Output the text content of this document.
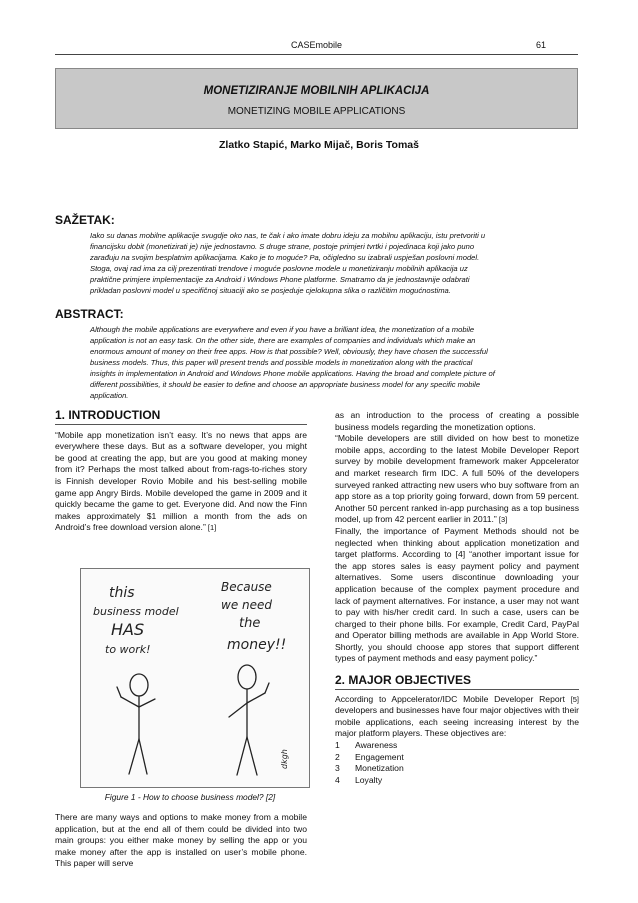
CASEmobile	61
MONETIZIRANJE MOBILNIH APLIKACIJA
MONETIZING MOBILE APPLICATIONS
Zlatko Stapić, Marko Mijač, Boris Tomaš
SAŽETAK:
Iako su danas mobilne aplikacije svugdje oko nas, te čak i ako imate dobru ideju za mobilnu aplikaciju, istu pretvoriti u
financijsku dobit (monetizirati je) nije jednostavno. S druge strane, postoje primjeri tvrtki i pojedinaca koji jako puno
zarađuju na svojim besplatnim aplikacijama. Kako je to moguće? Pa, očigledno su izabrali uspješan poslovni model.
Stoga, ovaj rad ima za cilj prezentirati trendove i moguće poslovne modele u monetiziranju mobilnih aplikacija uz
praktične primjere implementacije za Android i Windows Phone platforme. Smatramo da je jednostavnije odabrati
prikladan poslovni model u specifičnoj situaciji ako se posjeduje cjelokupna slika o različitim mogućnostima.
ABSTRACT:
Although the mobile applications are everywhere and even if you have a brilliant idea, the monetization of a mobile
application is not an easy task. On the other side, there are examples of companies and individuals which make an
enormous amount of money on their free apps. How is that possible? Well, obviously, they have chosen the successful
business models. Thus, this paper will present trends and possible models in monetization along with the practical
insights in implementation in Android and Windows Phone mobile applications. Having the broad and complete picture of
different possibilities, it should be easier to define and choose an appropriate business model for any specific mobile
application.
1. INTRODUCTION

“Mobile app monetization isn’t easy. It’s no news that apps are everywhere these days. But as a software developer, you might be good at creating the app, but are you good at making money from it? Perhaps the most talked about from-rags-to-riches story is Finnish developer Rovio Mobile and his best-selling mobile game app Angry Birds. Mobile developed the game in 2009 and it quickly became the game to get. Everyone did. And now the Finn makes approximately $1 million a month from the ads on Android’s free download version alone.” [1]

this
business model
HAS
to work!
Because
we need
the
money!!
dkgh
Figure 1 - How to choose business model? [2]

There are many ways and options to make money from a mobile application, but at the end all of them could be divided into two main groups: you either make money by selling the app or you make money after the app is installed on user’s mobile phone. This paper will serve

as an introduction to the process of creating a possible business models regarding the monetization options.

“Mobile developers are still divided on how best to monetize mobile apps, according to the latest Mobile Developer Report survey by mobile development framework maker Appcelerator and market research firm IDC. A full 50% of the developers surveyed ranked attracting new users who buy software from an app store as a top priority going forward, down from 59 percent. Another 50 percent ranked in-app purchasing as a top business model, up from 42 percent earlier in 2011.” [3]

Finally, the importance of Payment Methods should not be neglected when thinking about application monetization and target platforms. According to [4] “another important issue for the app stores sales is easy payment policy and payment alternatives. Some users discontinue downloading your application because of the complex payment procedure and lack of payment alternatives. For instance, a user may not want to pay with his/her credit card. In such a case, users can be charged to their phone bills. For example, Credit Card, PayPal and Operator billing methods are available in App World Store. Shortly, you should choose app stores that support different types of payment methods and easy payment policy.”

2. MAJOR OBJECTIVES

According to Appcelerator/IDC Mobile Developer Report [5] developers and businesses have four major objectives with their mobile applications, each seeing increasing interest by the major platform players. These objectives are:

1	Awareness
2	Engagement
3	Monetization
4	Loyalty
